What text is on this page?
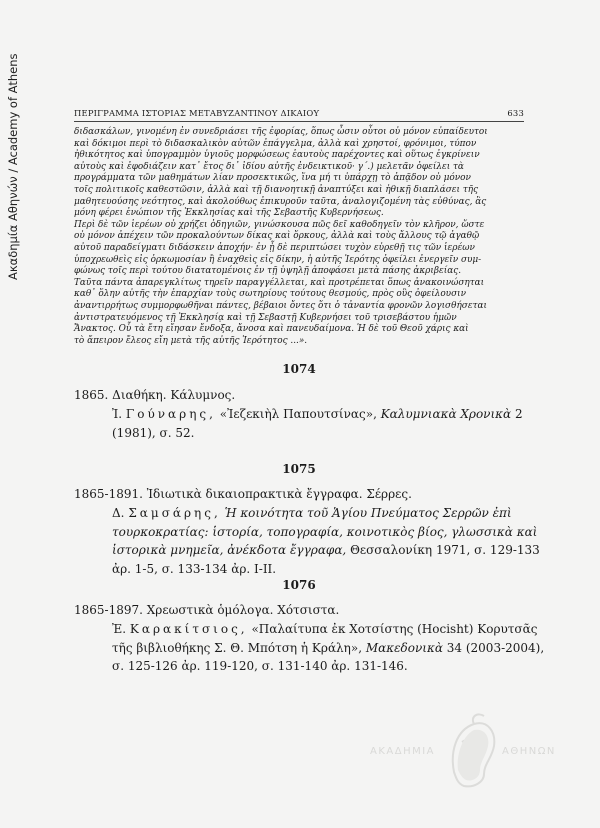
Ακαδημία Αθηνών / Academy of Athens	ΠΕΡΙΓΡΑΜΜΑ ΙΣΤΟΡΙΑΣ ΜΕΤΑΒΥΖΑΝΤΙΝΟΥ ΔΙΚΑΙΟΥ	633
διδασκάλων, γινομένη ἐν συνεδριάσει τῆς ἐφορίας, ὅπως ὦσιν οὗτοι οὐ μόνον εὐπαίδευτοι
καὶ δόκιμοι περὶ τὸ διδασκαλικὸν αὐτῶν ἐπάγγελμα, ἀλλὰ καὶ χρηστοί, φρόνιμοι, τύπον
ἠθικότητος καὶ ὑπογραμμὸν ὑγιοῦς μορφώσεως ἑαυτοὺς παρέχοντες καὶ οὕτως ἐγκρίνειν
αὐτοὺς καὶ ἐφοδιάζειν κατ᾿ ἔτος δι᾿ ἰδίου αὐτῆς ἐνδεικτικοῦ· γ΄.) μελετᾶν ὀφείλει τὰ
προγράμματα τῶν μαθημάτων λίαν προσεκτικῶς, ἵνα μή τι ὑπάρχῃ τὸ ἀπᾷδον οὐ μόνον
τοῖς πολιτικοῖς καθεστῶσιν, ἀλλὰ καὶ τῇ διανοητικῇ ἀναπτύξει καὶ ἠθικῇ διαπλάσει τῆς
μαθητευούσης νεότητος, καὶ ἀκολούθως ἐπικυροῦν ταῦτα, ἀναλογιζομένη τὰς εὐθύνας, ἃς
μόνη φέρει ἐνώπιον τῆς Ἐκκλησίας καὶ τῆς Σεβαστῆς Κυβερνήσεως.
Περὶ δὲ τῶν ἱερέων οὐ χρήζει ὁδηγιῶν, γινώσκουσα πῶς δεῖ καθοδηγεῖν τὸν κλῆρον, ὥστε
οὐ μόνον ἀπέχειν τῶν προκαλούντων δίκας καὶ ὅρκους, ἀλλὰ καὶ τοὺς ἄλλους τῷ ἀγαθῷ
αὐτοῦ παραδείγματι διδάσκειν ἀποχήν· ἐν ᾗ δὲ περιπτώσει τυχὸν εὑρεθῇ τις τῶν ἱερέων
ὑποχρεωθεὶς εἰς ὁρκωμοσίαν ἢ ἐναχθεὶς εἰς δίκην, ἡ αὐτῆς Ἱερότης ὀφείλει ἐνεργεῖν συμ-
φώνως τοῖς περὶ τούτου διατατομένοις ἐν τῇ ὑψηλῇ ἀποφάσει μετὰ πάσης ἀκριβείας.
Ταῦτα πάντα ἀπαρεγκλίτως τηρεῖν παραγγέλλεται, καὶ προτρέπεται ὅπως ἀνακοινώσηται
καθ᾿ ὅλην αὐτῆς τὴν ἐπαρχίαν τοὺς σωτηρίους τούτους θεσμούς, πρὸς οὓς ὀφείλουσιν
ἀναντιρρήτως συμμορφωθῆναι πάντες, βέβαιοι ὄντες ὅτι ὁ τἀναντία φρονῶν λογισθήσεται
ἀντιστρατευόμενος τῇ Ἐκκλησίᾳ καὶ τῇ Σεβαστῇ Κυβερνήσει τοῦ τρισεβάστου ἡμῶν
Ἄνακτος. Οὗ τὰ ἔτη εἴησαν ἔνδοξα, ἄνοσα καὶ πανευδαίμονα. Ἡ δὲ τοῦ Θεοῦ χάρις καὶ
τὸ ἄπειρον ἔλεος εἴη μετὰ τῆς αὐτῆς Ἱερότητος ...».
1074
1865. Διαθήκη. Κάλυμνος.
Ἰ. Γούναρης, «Ἰεζεκιὴλ Παπουτσίνας», Καλυμνιακὰ Χρονικὰ 2
(1981), σ. 52.
1075
1865-1891. Ἰδιωτικὰ δικαιοπρακτικὰ ἔγγραφα. Σέρρες.
Δ. Σαμσάρης, Ἡ κοινότητα τοῦ Ἁγίου Πνεύματος Σερρῶν ἐπὶ
τουρκοκρατίας: ἱστορία, τοπογραφία, κοινοτικὸς βίος, γλωσσικὰ καὶ
ἱστορικὰ μνημεῖα, ἀνέκδοτα ἔγγραφα, Θεσσαλονίκη 1971, σ. 129-133
ἀρ. 1-5, σ. 133-134 ἀρ. Ι-ΙΙ.
1076
1865-1897. Χρεωστικὰ ὁμόλογα. Χότσιστα.
Ἐ. Καρακίτσιος, «Παλαίτυπα ἐκ Χοτσίστης (Hocisht) Κορυτσᾶς
τῆς βιβλιοθήκης Σ. Θ. Μπότση ἡ Κράλη», Μακεδονικὰ 34 (2003-2004),
σ. 125-126 ἀρ. 119-120, σ. 131-140 ἀρ. 131-146.
ΑΚΑΔΗΜΙΑ	ΑΘΗΝΩΝ
